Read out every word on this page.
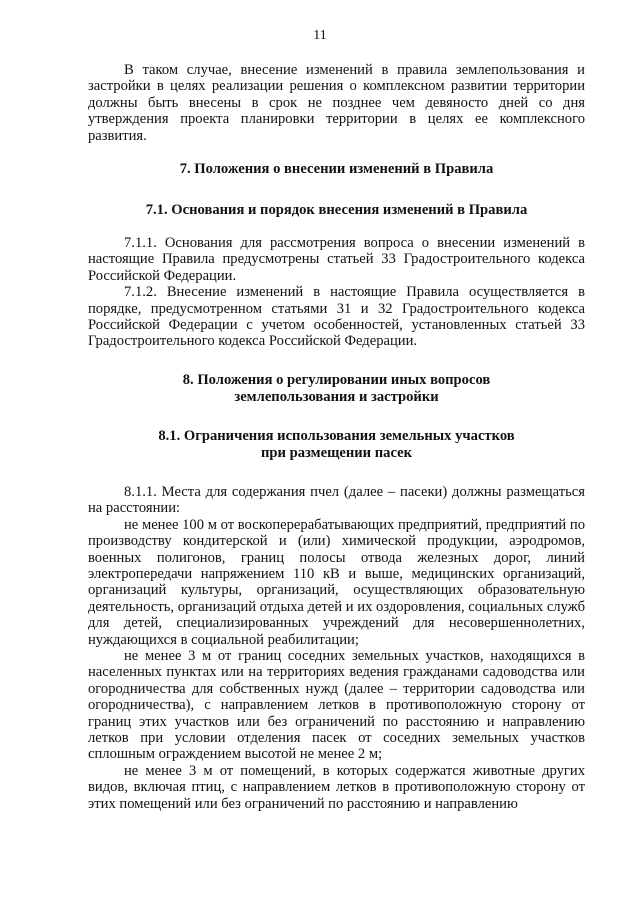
11

В таком случае, внесение изменений в правила землепользования и застройки в целях реализации решения о комплексном развитии территории должны быть внесены в срок не позднее чем девяносто дней со дня утверждения проекта планировки территории в целях ее комплексного развития.

7. Положения о внесении изменений в Правила
7.1. Основания и порядок внесения изменений в Правила

7.1.1. Основания для рассмотрения вопроса о внесении изменений в настоящие Правила предусмотрены статьей 33 Градостроительного кодекса Российской Федерации.

7.1.2. Внесение изменений в настоящие Правила осуществляется в порядке, предусмотренном статьями 31 и 32 Градостроительного кодекса Российской Федерации с учетом особенностей, установленных статьей 33 Градостроительного кодекса Российской Федерации.

8. Положения о регулировании иных вопросов
землепользования и застройки
8.1. Ограничения использования земельных участков
при размещении пасек

8.1.1. Места для содержания пчел (далее – пасеки) должны размещаться на расстоянии:

не менее 100 м от воскоперерабатывающих предприятий, предприятий по производству кондитерской и (или) химической продукции, аэродромов, военных полигонов, границ полосы отвода железных дорог, линий электропередачи напряжением 110 кВ и выше, медицинских организаций, организаций культуры, организаций, осуществляющих образовательную деятельность, организаций отдыха детей и их оздоровления, социальных служб для детей, специализированных учреждений для несовершеннолетних, нуждающихся в социальной реабилитации;

не менее 3 м от границ соседних земельных участков, находящихся в населенных пунктах или на территориях ведения гражданами садоводства или огородничества для собственных нужд (далее – территории садоводства или огородничества), с направлением летков в противоположную сторону от границ этих участков или без ограничений по расстоянию и направлению летков при условии отделения пасек от соседних земельных участков сплошным ограждением высотой не менее 2 м;

не менее 3 м от помещений, в которых содержатся животные других видов, включая птиц, с направлением летков в противоположную сторону от этих помещений или без ограничений по расстоянию и направлению
